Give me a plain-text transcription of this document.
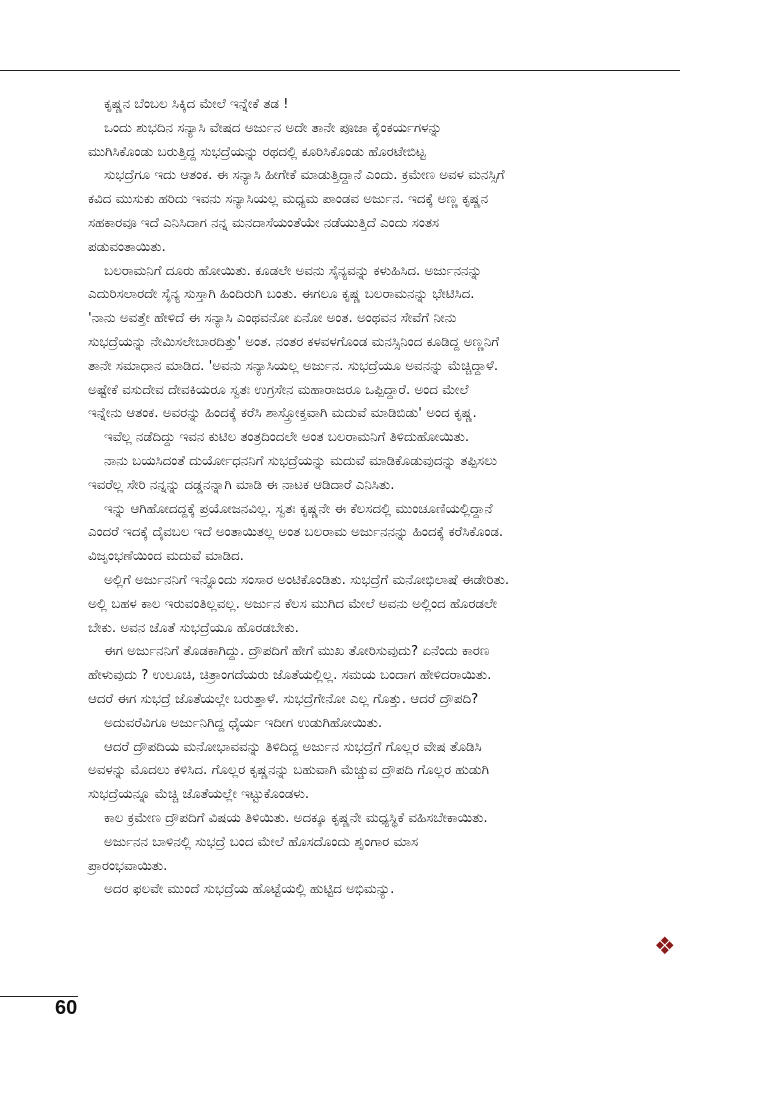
ಕೃಷ್ಣನ ಬೆಂಬಲ ಸಿಕ್ಕಿದ ಮೇಲೆ ಇನ್ನೇಕೆ ತಡ !

ಒಂದು ಶುಭದಿನ ಸನ್ಯಾಸಿ ವೇಷದ ಅರ್ಜುನ ಅದೇ ತಾನೇ ಪೂಜಾ ಕೈಂಕರ್ಯಗಳನ್ನು

ಮುಗಿಸಿಕೊಂಡು ಬರುತ್ತಿದ್ದ ಸುಭದ್ರೆಯನ್ನು ರಥದಲ್ಲಿ ಕೂರಿಸಿಕೊಂಡು ಹೊರಟೇಬಿಟ್ಟ

ಸುಭದ್ರೆಗೂ ಇದು ಆತಂಕ. ಈ ಸನ್ಯಾಸಿ ಹೀಗೇಕೆ ಮಾಡುತ್ತಿದ್ದಾನೆ ಎಂದು. ಕ್ರಮೇಣ ಅವಳ ಮನಸ್ಸಿಗೆ

ಕವಿದ ಮುಸುಕು ಹರಿದು ಇವನು ಸನ್ಯಾಸಿಯಲ್ಲ ಮಧ್ಯಮ ಪಾಂಡವ ಅರ್ಜುನ. ಇದಕ್ಕೆ ಅಣ್ಣ ಕೃಷ್ಣನ

ಸಹಕಾರವೂ ಇದೆ ಎನಿಸಿದಾಗ ನನ್ನ ಮನದಾಸೆಯಂತೆಯೇ ನಡೆಯುತ್ತಿದೆ ಎಂದು ಸಂತಸ

ಪಡುವಂತಾಯಿತು.

ಬಲರಾಮನಿಗೆ ದೂರು ಹೋಯಿತು. ಕೂಡಲೇ ಅವನು ಸೈನ್ಯವನ್ನು ಕಳುಹಿಸಿದ. ಅರ್ಜುನನನ್ನು

ಎದುರಿಸಲಾರದೇ ಸೈನ್ಯ ಸುಸ್ತಾಗಿ ಹಿಂದಿರುಗಿ ಬಂತು. ಈಗಲೂ ಕೃಷ್ಣ ಬಲರಾಮನನ್ನು ಭೇಟಿಸಿದ.

'ನಾನು ಅವತ್ತೇ ಹೇಳಿದೆ ಈ ಸನ್ಯಾಸಿ ಎಂಥವನೋ ಏನೋ ಅಂತ. ಅಂಥವನ ಸೇವೆಗೆ ನೀನು

ಸುಭದ್ರೆಯನ್ನು ನೇಮಿಸಲೇಬಾರದಿತ್ತು' ಅಂತ. ನಂತರ ಕಳವಳಗೊಂಡ ಮನಸ್ಸಿನಿಂದ ಕೂಡಿದ್ದ ಅಣ್ಣನಿಗೆ

ತಾನೇ ಸಮಾಧಾನ ಮಾಡಿದ. 'ಅವನು ಸನ್ಯಾಸಿಯಲ್ಲ ಅರ್ಜುನ. ಸುಭದ್ರೆಯೂ ಅವನನ್ನು ಮೆಚ್ಚಿದ್ದಾಳೆ.

ಅಷ್ಟೇಕೆ ವಸುದೇವ ದೇವಕಿಯರೂ ಸ್ವತಃ ಉಗ್ರಸೇನ ಮಹಾರಾಜರೂ ಒಪ್ಪಿದ್ದಾರೆ. ಅಂದ ಮೇಲೆ

ಇನ್ನೇನು ಆತಂಕ. ಅವರನ್ನು ಹಿಂದಕ್ಕೆ ಕರೆಸಿ ಶಾಸ್ತ್ರೋಕ್ತವಾಗಿ ಮದುವೆ ಮಾಡಿಬಿಡು' ಅಂದ ಕೃಷ್ಣ.

ಇವೆಲ್ಲ ನಡೆದಿದ್ದು ಇವನ ಕುಟಿಲ ತಂತ್ರದಿಂದಲೇ ಅಂತ ಬಲರಾಮನಿಗೆ ತಿಳಿದುಹೋಯಿತು.

ನಾನು ಬಯಸಿದಂತೆ ದುರ್ಯೋಧನನಿಗೆ ಸುಭದ್ರೆಯನ್ನು ಮದುವೆ ಮಾಡಿಕೊಡುವುದನ್ನು ತಪ್ಪಿಸಲು

ಇವರೆಲ್ಲ ಸೇರಿ ನನ್ನನ್ನು ದಡ್ಡನನ್ನಾಗಿ ಮಾಡಿ ಈ ನಾಟಕ ಆಡಿದಾರೆ ಎನಿಸಿತು.

ಇನ್ನು ಆಗಿಹೋದದ್ದಕ್ಕೆ ಪ್ರಯೋಜನವಿಲ್ಲ. ಸ್ವತಃ ಕೃಷ್ಣನೇ ಈ ಕೆಲಸದಲ್ಲಿ ಮುಂಚೂಣಿಯಲ್ಲಿದ್ದಾನೆ

ಎಂದರೆ ಇದಕ್ಕೆ ದೈವಬಲ ಇದೆ ಅಂತಾಯಿತಲ್ಲ ಅಂತ ಬಲರಾಮ ಅರ್ಜುನನನ್ನು ಹಿಂದಕ್ಕೆ ಕರೆಸಿಕೊಂಡ.

ವಿಜೃಂಭಣೆಯಿಂದ ಮದುವೆ ಮಾಡಿದ.

ಅಲ್ಲಿಗೆ ಅರ್ಜುನನಿಗೆ ಇನ್ನೊಂದು ಸಂಸಾರ ಅಂಟಿಕೊಂಡಿತು. ಸುಭದ್ರೆಗೆ ಮನೋಭಿಲಾಷೆ ಈಡೇರಿತು.

ಅಲ್ಲಿ ಬಹಳ ಕಾಲ ಇರುವಂತಿಲ್ಲವಲ್ಲ. ಅರ್ಜುನ ಕೆಲಸ ಮುಗಿದ ಮೇಲೆ ಅವನು ಅಲ್ಲಿಂದ ಹೊರಡಲೇ

ಬೇಕು. ಅವನ ಜೊತೆ ಸುಭದ್ರೆಯೂ ಹೊರಡಬೇಕು.

ಈಗ ಅರ್ಜುನನಿಗೆ ತೊಡಕಾಗಿದ್ದು. ದ್ರೌಪದಿಗೆ ಹೇಗೆ ಮುಖ ತೋರಿಸುವುದು? ಏನೆಂದು ಕಾರಣ

ಹೇಳುವುದು ? ಉಲೂಚಿ, ಚಿತ್ರಾಂಗದೆಯರು ಜೊತೆಯಲ್ಲಿಲ್ಲ. ಸಮಯ ಬಂದಾಗ ಹೇಳಿದರಾಯಿತು.

ಆದರೆ ಈಗ ಸುಭದ್ರೆ ಜೊತೆಯಲ್ಲೇ ಬರುತ್ತಾಳೆ. ಸುಭದ್ರೆಗೇನೋ ಎಲ್ಲ ಗೊತ್ತು. ಆದರೆ ದ್ರೌಪದಿ?

ಅದುವರೆವಿಗೂ ಅರ್ಜುನಿಗಿದ್ದ ಧೈರ್ಯ ಇದೀಗ ಉಡುಗಿಹೋಯಿತು.

ಆದರೆ ದ್ರೌಪದಿಯ ಮನೋಭಾವವನ್ನು ತಿಳಿದಿದ್ದ ಅರ್ಜುನ ಸುಭದ್ರೆಗೆ ಗೊಲ್ಲರ ವೇಷ ತೊಡಿಸಿ

ಅವಳನ್ನು ಮೊದಲು ಕಳಿಸಿದ. ಗೊಲ್ಲರ ಕೃಷ್ಣನನ್ನು ಬಹುವಾಗಿ ಮೆಚ್ಚುವ ದ್ರೌಪದಿ ಗೊಲ್ಲರ ಹುಡುಗಿ

ಸುಭದ್ರೆಯನ್ನೂ ಮೆಚ್ಚಿ ಜೊತೆಯಲ್ಲೇ ಇಟ್ಟುಕೊಂಡಳು.

ಕಾಲ ಕ್ರಮೇಣ ದ್ರೌಪದಿಗೆ ವಿಷಯ ತಿಳಿಯಿತು. ಅದಕ್ಕೂ ಕೃಷ್ಣನೇ ಮಧ್ಯಸ್ಥಿಕೆ ವಹಿಸಬೇಕಾಯಿತು.

ಅರ್ಜುನನ ಬಾಳಿನಲ್ಲಿ ಸುಭದ್ರೆ ಬಂದ ಮೇಲೆ ಹೊಸದೊಂದು ಶೃಂಗಾರ ಮಾಸ

ಪ್ರಾರಂಭವಾಯಿತು.

ಅದರ ಫಲವೇ ಮುಂದೆ ಸುಭದ್ರೆಯ ಹೊಟ್ಟೆಯಲ್ಲಿ ಹುಟ್ಟಿದ ಅಭಿಮನ್ಯು.

❖
60
